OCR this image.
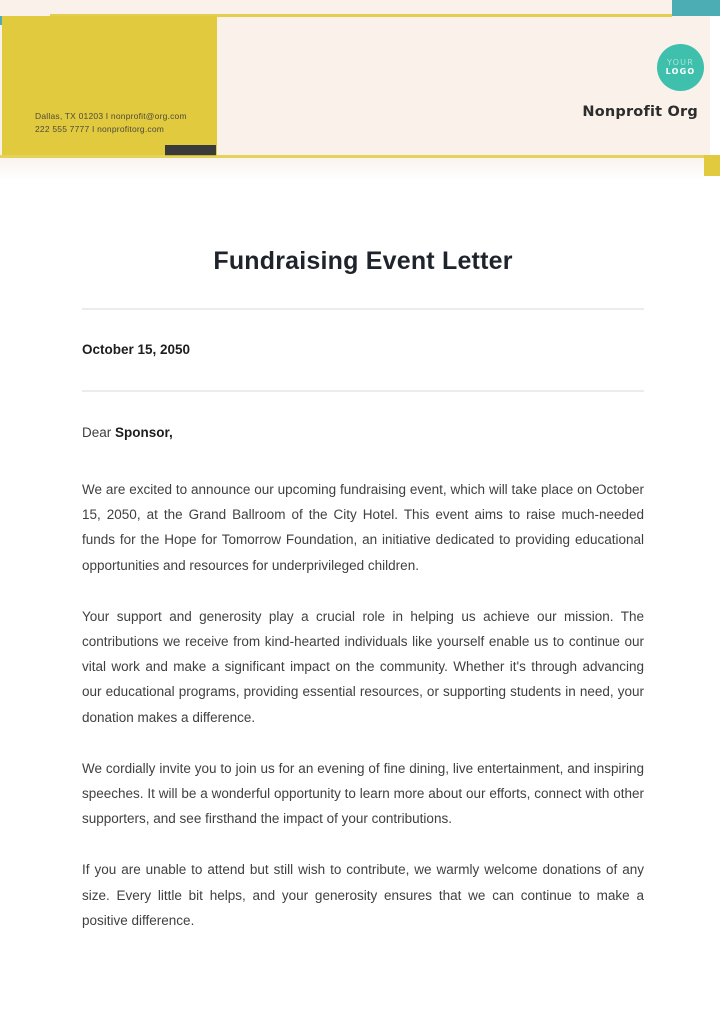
Dallas, TX 01203 I nonprofit@org.com

222 555 7777 I nonprofitorg.com

YOUR
LOGO
Nonprofit Org
Fundraising Event Letter

October 15, 2050

Dear Sponsor,

We are excited to announce our upcoming fundraising event, which will take place on October 15, 2050, at the Grand Ballroom of the City Hotel. This event aims to raise much-needed funds for the Hope for Tomorrow Foundation, an initiative dedicated to providing educational opportunities and resources for underprivileged children.

Your support and generosity play a crucial role in helping us achieve our mission. The contributions we receive from kind-hearted individuals like yourself enable us to continue our vital work and make a significant impact on the community. Whether it's through advancing our educational programs, providing essential resources, or supporting students in need, your donation makes a difference.

We cordially invite you to join us for an evening of fine dining, live entertainment, and inspiring speeches. It will be a wonderful opportunity to learn more about our efforts, connect with other supporters, and see firsthand the impact of your contributions.

If you are unable to attend but still wish to contribute, we warmly welcome donations of any size. Every little bit helps, and your generosity ensures that we can continue to make a positive difference.
